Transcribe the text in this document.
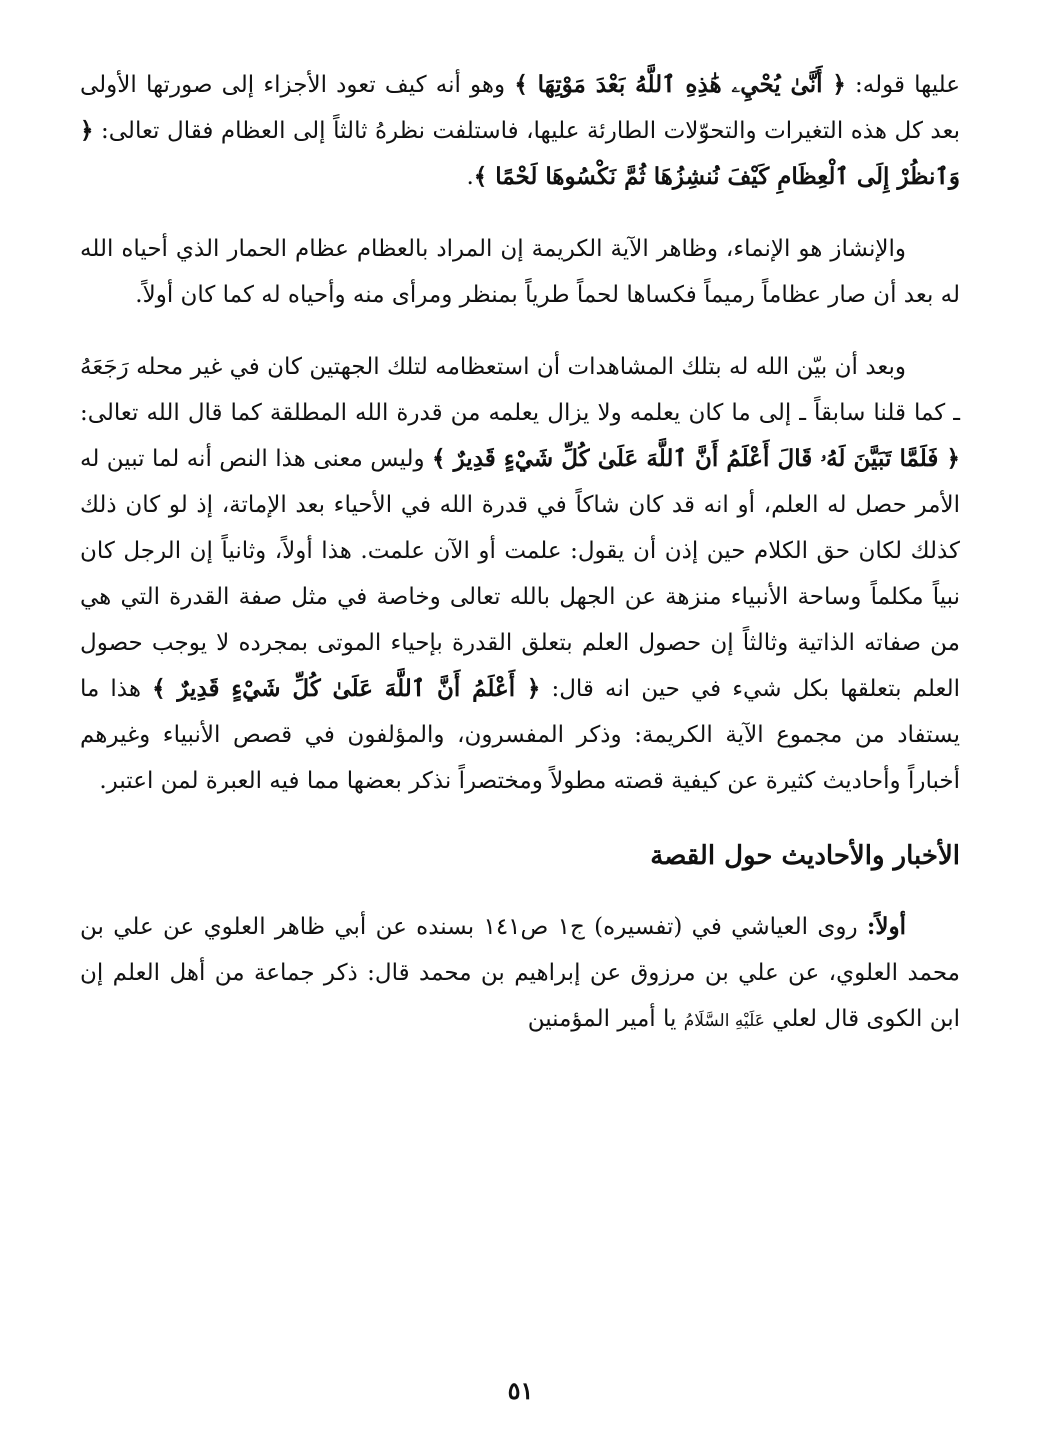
عليها قوله: ﴿ أَنَّىٰ يُحْيِۦ هَٰذِهِ ٱللَّهُ بَعْدَ مَوْتِهَا ﴾ وهو أنه كيف تعود الأجزاء إلى صورتها الأولى بعد كل هذه التغيرات والتحوّلات الطارئة عليها، فاستلفت نظرهُ ثالثاً إلى العظام فقال تعالى: ﴿ وَٱنظُرْ إِلَى ٱلْعِظَامِ كَيْفَ نُنشِزُهَا ثُمَّ نَكْسُوهَا لَحْمًا ﴾.

والإنشاز هو الإنماء، وظاهر الآية الكريمة إن المراد بالعظام عظام الحمار الذي أحياه الله له بعد أن صار عظاماً رميماً فكساها لحماً طرياً بمنظر ومرأى منه وأحياه له كما كان أولاً.

وبعد أن بيّن الله له بتلك المشاهدات أن استعظامه لتلك الجهتين كان في غير محله رَجَعَهُ ـ كما قلنا سابقاً ـ إلى ما كان يعلمه ولا يزال يعلمه من قدرة الله المطلقة كما قال الله تعالى: ﴿ فَلَمَّا تَبَيَّنَ لَهُۥ قَالَ أَعْلَمُ أَنَّ ٱللَّهَ عَلَىٰ كُلِّ شَيْءٍ قَدِيرٌ ﴾ وليس معنى هذا النص أنه لما تبين له الأمر حصل له العلم، أو انه قد كان شاكاً في قدرة الله في الأحياء بعد الإماتة، إذ لو كان ذلك كذلك لكان حق الكلام حين إذن أن يقول: علمت أو الآن علمت. هذا أولاً، وثانياً إن الرجل كان نبياً مكلماً وساحة الأنبياء منزهة عن الجهل بالله تعالى وخاصة في مثل صفة القدرة التي هي من صفاته الذاتية وثالثاً إن حصول العلم بتعلق القدرة بإحياء الموتى بمجرده لا يوجب حصول العلم بتعلقها بكل شيء في حين انه قال: ﴿ أَعْلَمُ أَنَّ ٱللَّهَ عَلَىٰ كُلِّ شَيْءٍ قَدِيرٌ ﴾ هذا ما يستفاد من مجموع الآية الكريمة: وذكر المفسرون، والمؤلفون في قصص الأنبياء وغيرهم أخباراً وأحاديث كثيرة عن كيفية قصته مطولاً ومختصراً نذكر بعضها مما فيه العبرة لمن اعتبر.

الأخبار والأحاديث حول القصة

أولاً: روى العياشي في (تفسيره) ج١ ص١٤١ بسنده عن أبي ظاهر العلوي عن علي بن محمد العلوي، عن علي بن مرزوق عن إبراهيم بن محمد قال: ذكر جماعة من أهل العلم إن ابن الكوى قال لعلي عَلَيْهِ السَّلَامُ يا أمير المؤمنين

٥١
